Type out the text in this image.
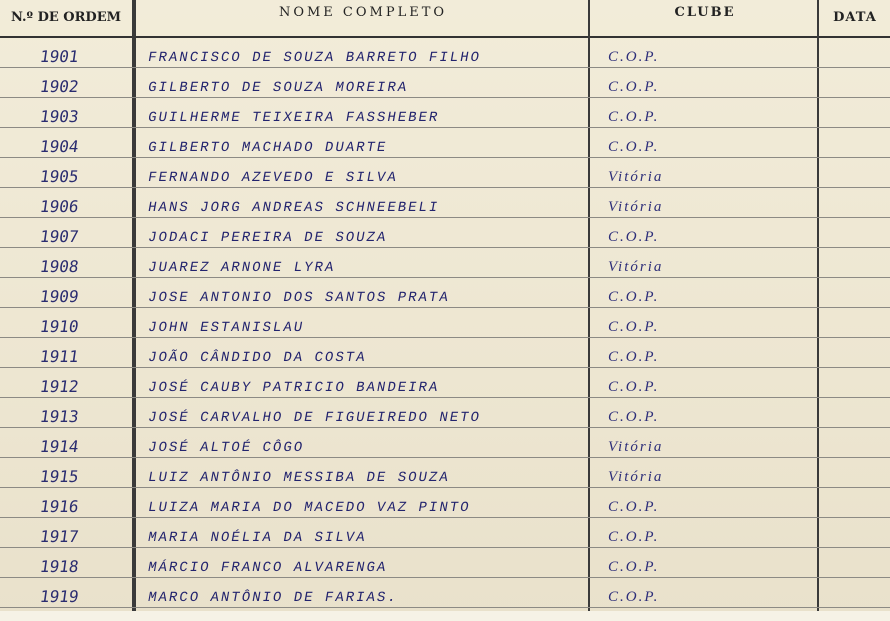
N.º DE ORDEM	NOME COMPLETO	CLUBE	DATA
1901	FRANCISCO DE SOUZA BARRETO FILHO	C.O.P.
1902	GILBERTO DE SOUZA MOREIRA	C.O.P.
1903	GUILHERME TEIXEIRA FASSHEBER	C.O.P.
1904	GILBERTO MACHADO DUARTE	C.O.P.
1905	FERNANDO AZEVEDO E SILVA	Vitória
1906	HANS JORG ANDREAS SCHNEEBELI	Vitória
1907	JODACI PEREIRA DE SOUZA	C.O.P.
1908	JUAREZ ARNONE LYRA	Vitória
1909	JOSE ANTONIO DOS SANTOS PRATA	C.O.P.
1910	JOHN ESTANISLAU	C.O.P.
1911	JOÃO CÂNDIDO DA COSTA	C.O.P.
1912	JOSÉ CAUBY PATRICIO BANDEIRA	C.O.P.
1913	JOSÉ CARVALHO DE FIGUEIREDO NETO	C.O.P.
1914	JOSÉ ALTOÉ CÔGO	Vitória
1915	LUIZ ANTÔNIO MESSIBA DE SOUZA	Vitória
1916	LUIZA MARIA DO MACEDO VAZ PINTO	C.O.P.
1917	MARIA NOÉLIA DA SILVA	C.O.P.
1918	MÁRCIO FRANCO ALVARENGA	C.O.P.
1919	MARCO ANTÔNIO DE FARIAS.	C.O.P.
